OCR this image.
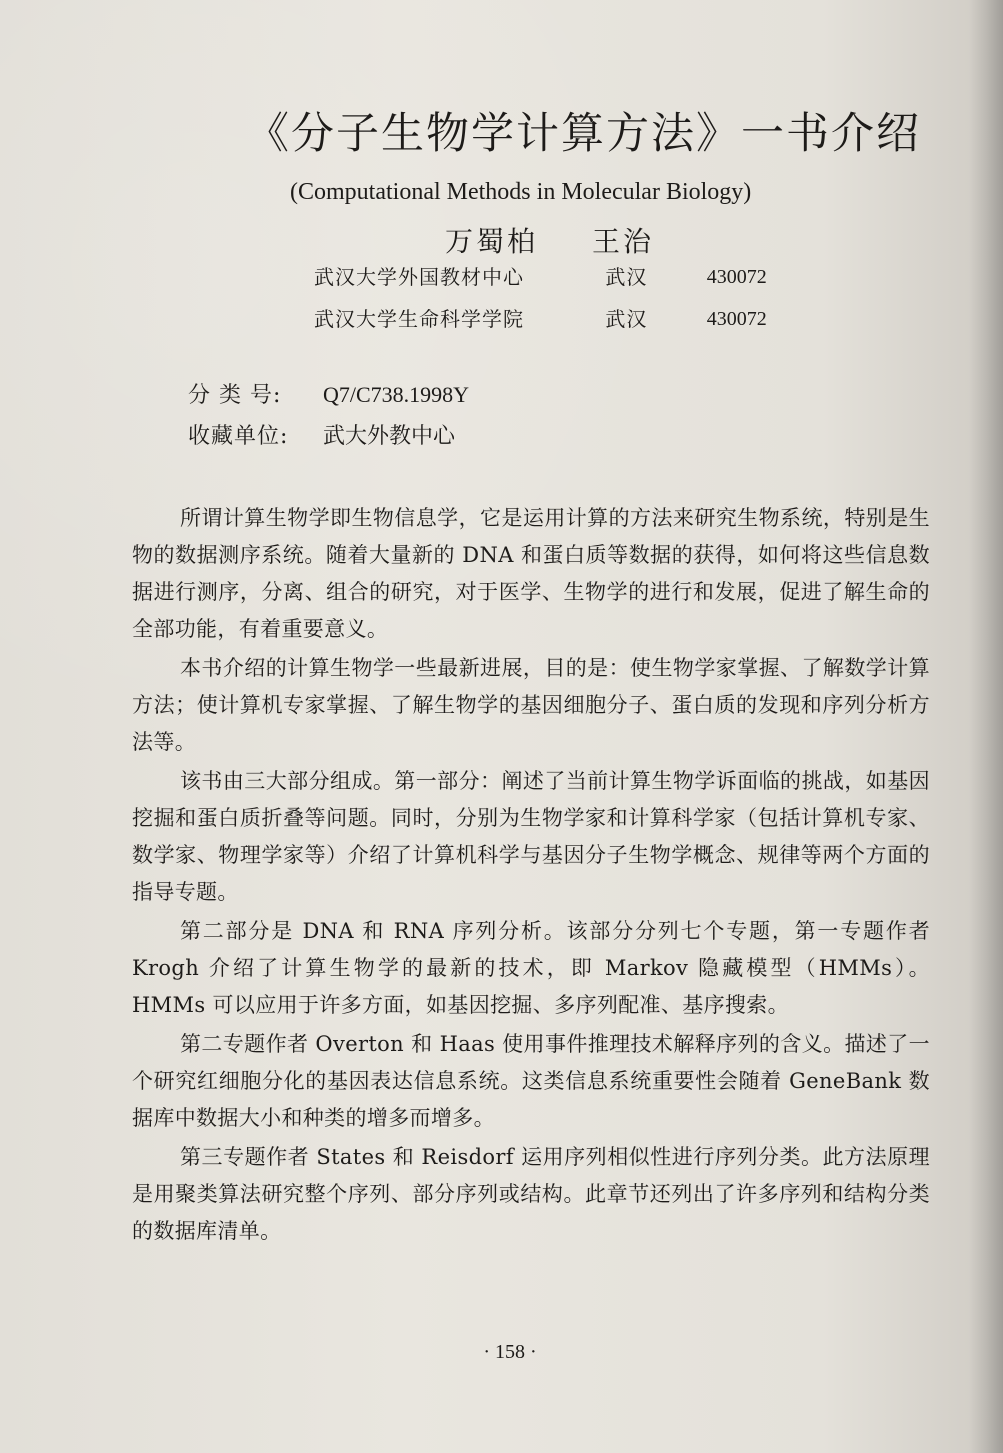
《分子生物学计算方法》一书介绍
(Computational Methods in Molecular Biology)
万蜀柏 王治
武汉大学外国教材中心	武汉	430072
武汉大学生命科学学院	武汉	430072
分 类 号: Q7/C738.1998Y
收藏单位: 武大外教中心

所谓计算生物学即生物信息学，它是运用计算的方法来研究生物系统，特别是生物的数据测序系统。随着大量新的 DNA 和蛋白质等数据的获得，如何将这些信息数据进行测序，分离、组合的研究，对于医学、生物学的进行和发展，促进了解生命的全部功能，有着重要意义。

本书介绍的计算生物学一些最新进展，目的是：使生物学家掌握、了解数学计算方法；使计算机专家掌握、了解生物学的基因细胞分子、蛋白质的发现和序列分析方法等。

该书由三大部分组成。第一部分：阐述了当前计算生物学诉面临的挑战，如基因挖掘和蛋白质折叠等问题。同时，分别为生物学家和计算科学家（包括计算机专家、数学家、物理学家等）介绍了计算机科学与基因分子生物学概念、规律等两个方面的指导专题。

第二部分是 DNA 和 RNA 序列分析。该部分分列七个专题，第一专题作者 Krogh 介绍了计算生物学的最新的技术，即 Markov 隐藏模型（HMMs）。HMMs 可以应用于许多方面，如基因挖掘、多序列配准、基序搜索。

第二专题作者 Overton 和 Haas 使用事件推理技术解释序列的含义。描述了一个研究红细胞分化的基因表达信息系统。这类信息系统重要性会随着 GeneBank 数据库中数据大小和种类的增多而增多。

第三专题作者 States 和 Reisdorf 运用序列相似性进行序列分类。此方法原理是用聚类算法研究整个序列、部分序列或结构。此章节还列出了许多序列和结构分类的数据库清单。

· 158 ·
